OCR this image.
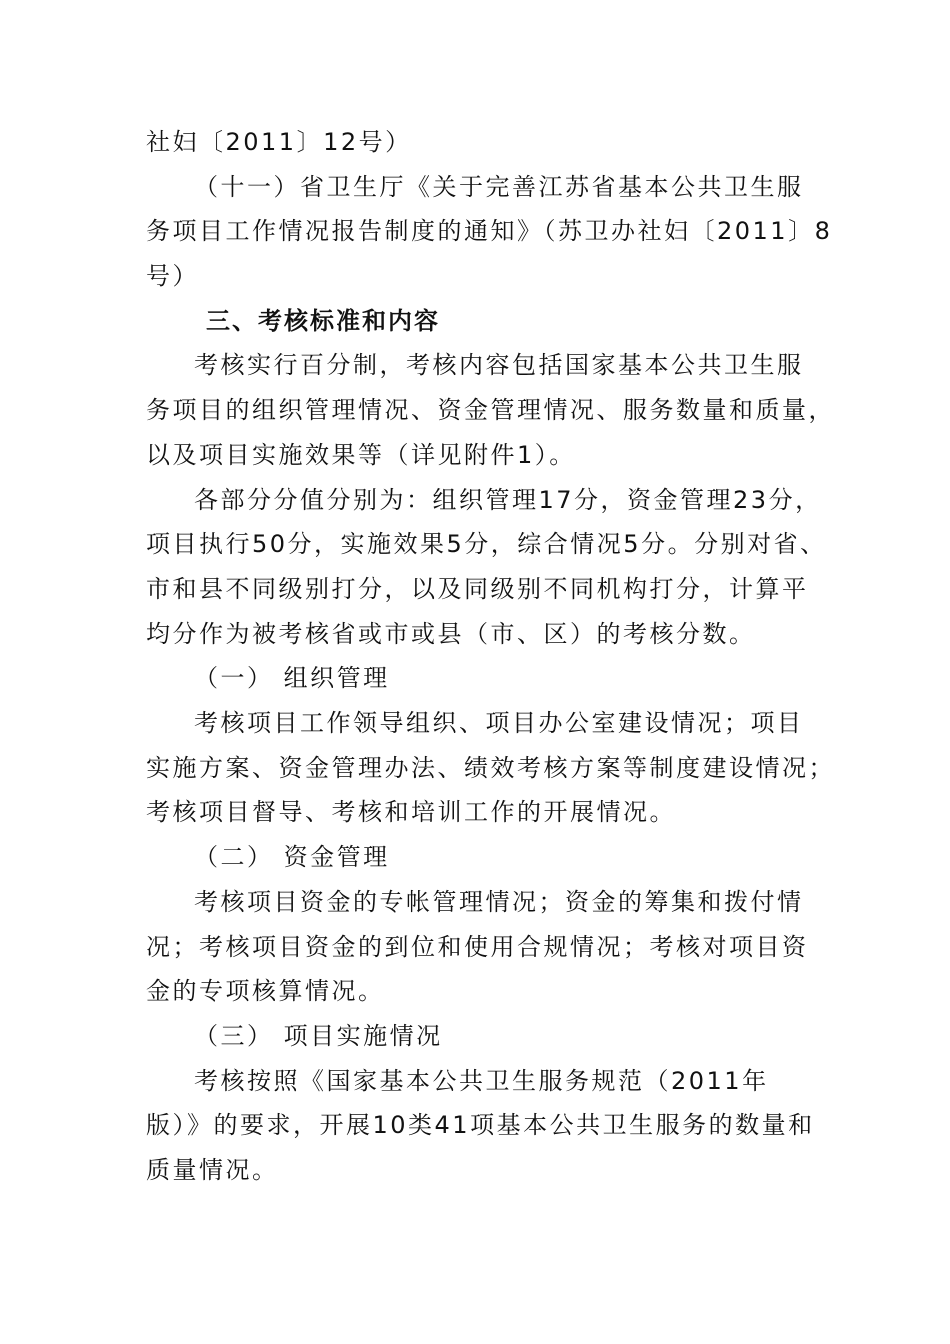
社妇〔2011〕12号）
（十一）省卫生厅《关于完善江苏省基本公共卫生服
务项目工作情况报告制度的通知》（苏卫办社妇〔2011〕8
号）
三、考核标准和内容
考核实行百分制，考核内容包括国家基本公共卫生服
务项目的组织管理情况、资金管理情况、服务数量和质量，
以及项目实施效果等（详见附件1）。
各部分分值分别为：组织管理17分，资金管理23分，
项目执行50分，实施效果5分，综合情况5分。分别对省、
市和县不同级别打分，以及同级别不同机构打分，计算平
均分作为被考核省或市或县（市、区）的考核分数。
（一） 组织管理
考核项目工作领导组织、项目办公室建设情况；项目
实施方案、资金管理办法、绩效考核方案等制度建设情况；
考核项目督导、考核和培训工作的开展情况。
（二） 资金管理
考核项目资金的专帐管理情况；资金的筹集和拨付情
况；考核项目资金的到位和使用合规情况；考核对项目资
金的专项核算情况。
（三） 项目实施情况
考核按照《国家基本公共卫生服务规范（2011年
版）》的要求，开展10类41项基本公共卫生服务的数量和
质量情况。
